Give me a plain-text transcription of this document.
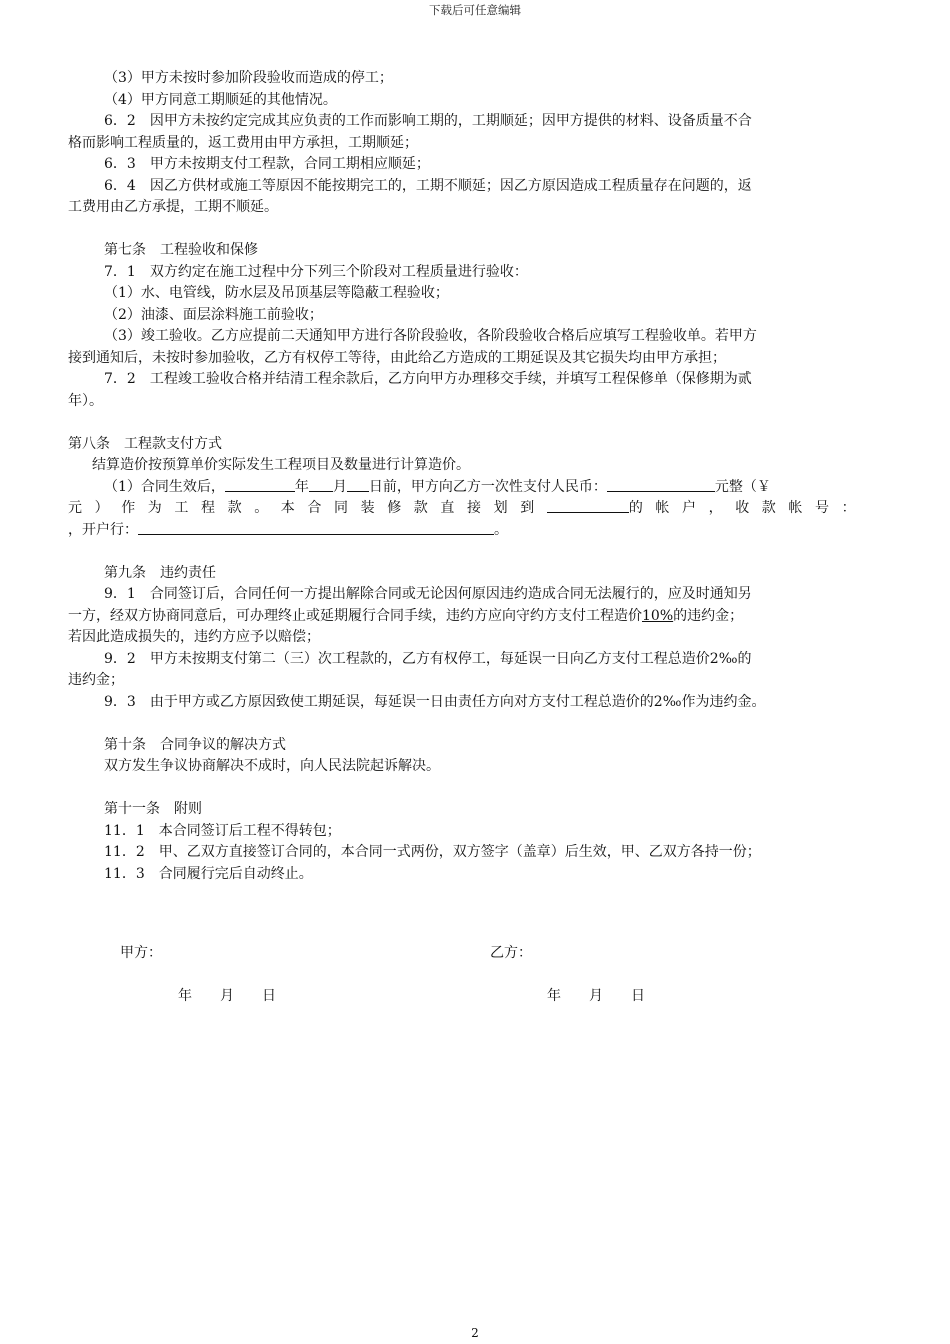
下载后可任意编辑

（3）甲方未按时参加阶段验收而造成的停工；

（4）甲方同意工期顺延的其他情况。

6．2　因甲方未按约定完成其应负责的工作而影响工期的，工期顺延；因甲方提供的材料、设备质量不合

格而影响工程质量的，返工费用由甲方承担，工期顺延；

6．3　甲方未按期支付工程款，合同工期相应顺延；

6．4　因乙方供材或施工等原因不能按期完工的，工期不顺延；因乙方原因造成工程质量存在问题的，返

工费用由乙方承提，工期不顺延。

第七条　工程验收和保修

7．1　双方约定在施工过程中分下列三个阶段对工程质量进行验收：

（1）水、电管线，防水层及吊顶基层等隐蔽工程验收；

（2）油漆、面层涂料施工前验收；

（3）竣工验收。乙方应提前二天通知甲方进行各阶段验收，各阶段验收合格后应填写工程验收单。若甲方

接到通知后，未按时参加验收，乙方有权停工等待，由此给乙方造成的工期延误及其它损失均由甲方承担；

7．2　工程竣工验收合格并结清工程余款后，乙方向甲方办理移交手续，并填写工程保修单（保修期为贰

年）。

第八条　工程款支付方式

结算造价按预算单价实际发生工程项目及数量进行计算造价。

（1）合同生效后，	年 月 日前，甲方向乙方一次性支付人民币：	元整（￥

元）作为工程款。本合同装修款直接划到	的帐户，收款帐号：

，开户行：	。

第九条　违约责任

9．1　合同签订后，合同任何一方提出解除合同或无论因何原因违约造成合同无法履行的，应及时通知另

一方，经双方协商同意后，可办理终止或延期履行合同手续，违约方应向守约方支付工程造价10%的违约金；

若因此造成损失的，违约方应予以赔偿；

9．2　甲方未按期支付第二（三）次工程款的，乙方有权停工，每延误一日向乙方支付工程总造价2‰的

违约金；

9．3　由于甲方或乙方原因致使工期延误，每延误一日由责任方向对方支付工程总造价的2‰作为违约金。

第十条　合同争议的解决方式

双方发生争议协商解决不成时，向人民法院起诉解决。

第十一条　附则

11．1　本合同签订后工程不得转包；

11．2　甲、乙双方直接签订合同的，本合同一式两份，双方签字（盖章）后生效，甲、乙双方各持一份；

11．3　合同履行完后自动终止。

甲方：	乙方：
年　　月　　日	年　　月　　日
2
